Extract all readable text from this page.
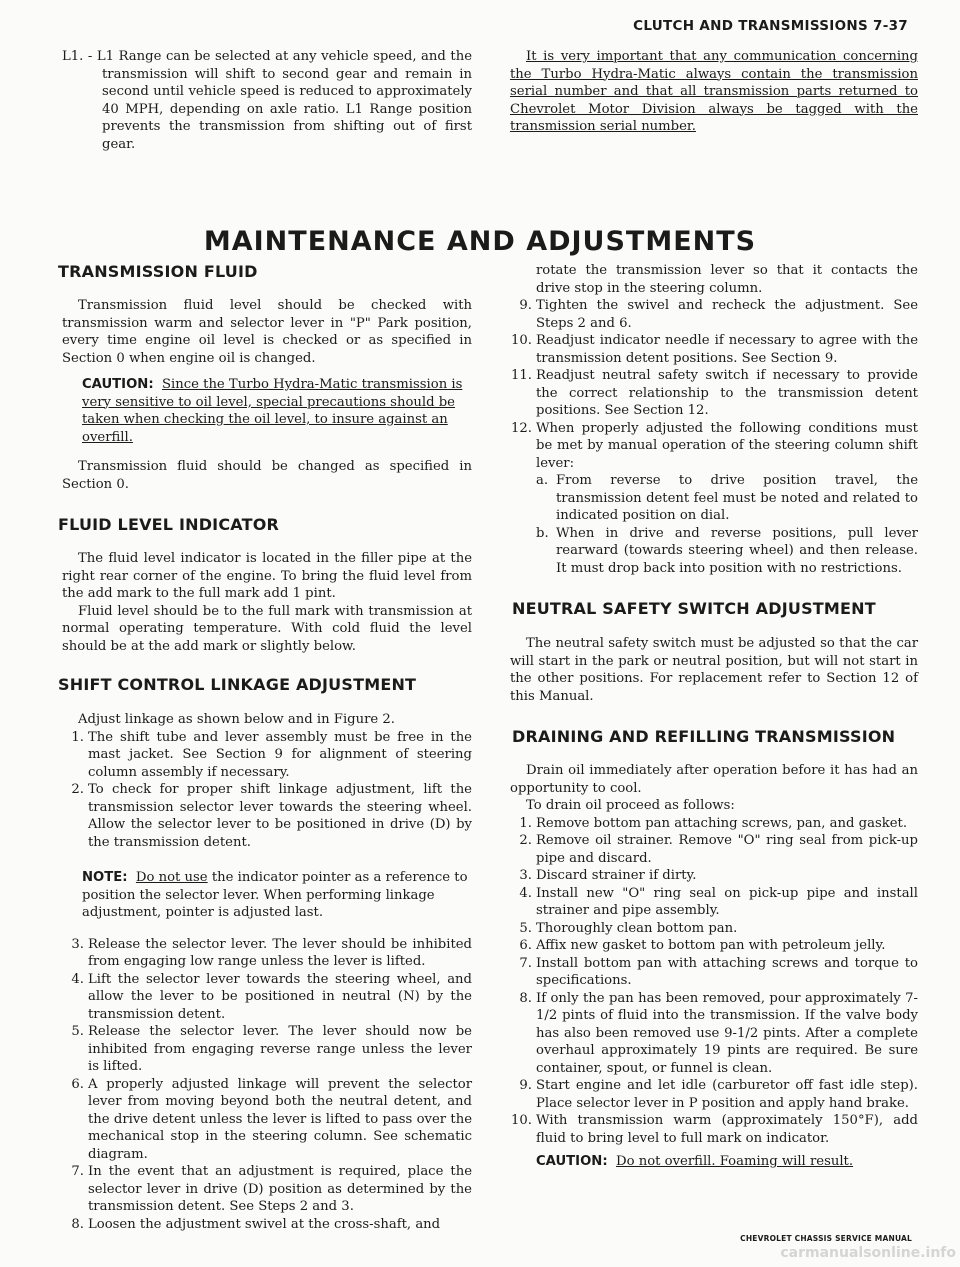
CLUTCH AND TRANSMISSIONS 7-37

L1. - L1 Range can be selected at any vehicle speed, and the transmission will shift to second gear and remain in second until vehicle speed is reduced to approximately 40 MPH, depending on axle ratio. L1 Range position prevents the transmission from shifting out of first gear.

It is very important that any communication concerning the Turbo Hydra-Matic always contain the transmission serial number and that all transmission parts returned to Chevrolet Motor Division always be tagged with the transmission serial number.

MAINTENANCE AND ADJUSTMENTS
TRANSMISSION FLUID

Transmission fluid level should be checked with transmission warm and selector lever in "P" Park position, every time engine oil level is checked or as specified in Section 0 when engine oil is changed.

CAUTION: Since the Turbo Hydra-Matic transmission is very sensitive to oil level, special precautions should be taken when checking the oil level, to insure against an overfill.

Transmission fluid should be changed as specified in Section 0.

FLUID LEVEL INDICATOR

The fluid level indicator is located in the filler pipe at the right rear corner of the engine. To bring the fluid level from the add mark to the full mark add 1 pint.

Fluid level should be to the full mark with transmission at normal operating temperature. With cold fluid the level should be at the add mark or slightly below.

SHIFT CONTROL LINKAGE ADJUSTMENT

Adjust linkage as shown below and in Figure 2.

1. The shift tube and lever assembly must be free in the mast jacket. See Section 9 for alignment of steering column assembly if necessary.
2. To check for proper shift linkage adjustment, lift the transmission selector lever towards the steering wheel. Allow the selector lever to be positioned in drive (D) by the transmission detent.

NOTE: Do not use the indicator pointer as a reference to position the selector lever. When performing linkage adjustment, pointer is adjusted last.

3. Release the selector lever. The lever should be inhibited from engaging low range unless the lever is lifted.
4. Lift the selector lever towards the steering wheel, and allow the lever to be positioned in neutral (N) by the transmission detent.
5. Release the selector lever. The lever should now be inhibited from engaging reverse range unless the lever is lifted.
6. A properly adjusted linkage will prevent the selector lever from moving beyond both the neutral detent, and the drive detent unless the lever is lifted to pass over the mechanical stop in the steering column. See schematic diagram.
7. In the event that an adjustment is required, place the selector lever in drive (D) position as determined by the transmission detent. See Steps 2 and 3.
8. Loosen the adjustment swivel at the cross-shaft, and

rotate the transmission lever so that it contacts the drive stop in the steering column.

9. Tighten the swivel and recheck the adjustment. See Steps 2 and 6.
10. Readjust indicator needle if necessary to agree with the transmission detent positions. See Section 9.
11. Readjust neutral safety switch if necessary to provide the correct relationship to the transmission detent positions. See Section 12.
12. When properly adjusted the following conditions must be met by manual operation of the steering column shift lever:
a. From reverse to drive position travel, the transmission detent feel must be noted and related to indicated position on dial.
b. When in drive and reverse positions, pull lever rearward (towards steering wheel) and then release. It must drop back into position with no restrictions.
NEUTRAL SAFETY SWITCH ADJUSTMENT

The neutral safety switch must be adjusted so that the car will start in the park or neutral position, but will not start in the other positions. For replacement refer to Section 12 of this Manual.

DRAINING AND REFILLING TRANSMISSION

Drain oil immediately after operation before it has had an opportunity to cool.

To drain oil proceed as follows:

1. Remove bottom pan attaching screws, pan, and gasket.
2. Remove oil strainer. Remove "O" ring seal from pick-up pipe and discard.
3. Discard strainer if dirty.
4. Install new "O" ring seal on pick-up pipe and install strainer and pipe assembly.
5. Thoroughly clean bottom pan.
6. Affix new gasket to bottom pan with petroleum jelly.
7. Install bottom pan with attaching screws and torque to specifications.
8. If only the pan has been removed, pour approximately 7-1/2 pints of fluid into the transmission. If the valve body has also been removed use 9-1/2 pints. After a complete overhaul approximately 19 pints are required. Be sure container, spout, or funnel is clean.
9. Start engine and let idle (carburetor off fast idle step). Place selector lever in P position and apply hand brake.
10. With transmission warm (approximately 150°F), add fluid to bring level to full mark on indicator.

CAUTION: Do not overfill. Foaming will result.

CHEVROLET CHASSIS SERVICE MANUAL
carmanualsonline.info
